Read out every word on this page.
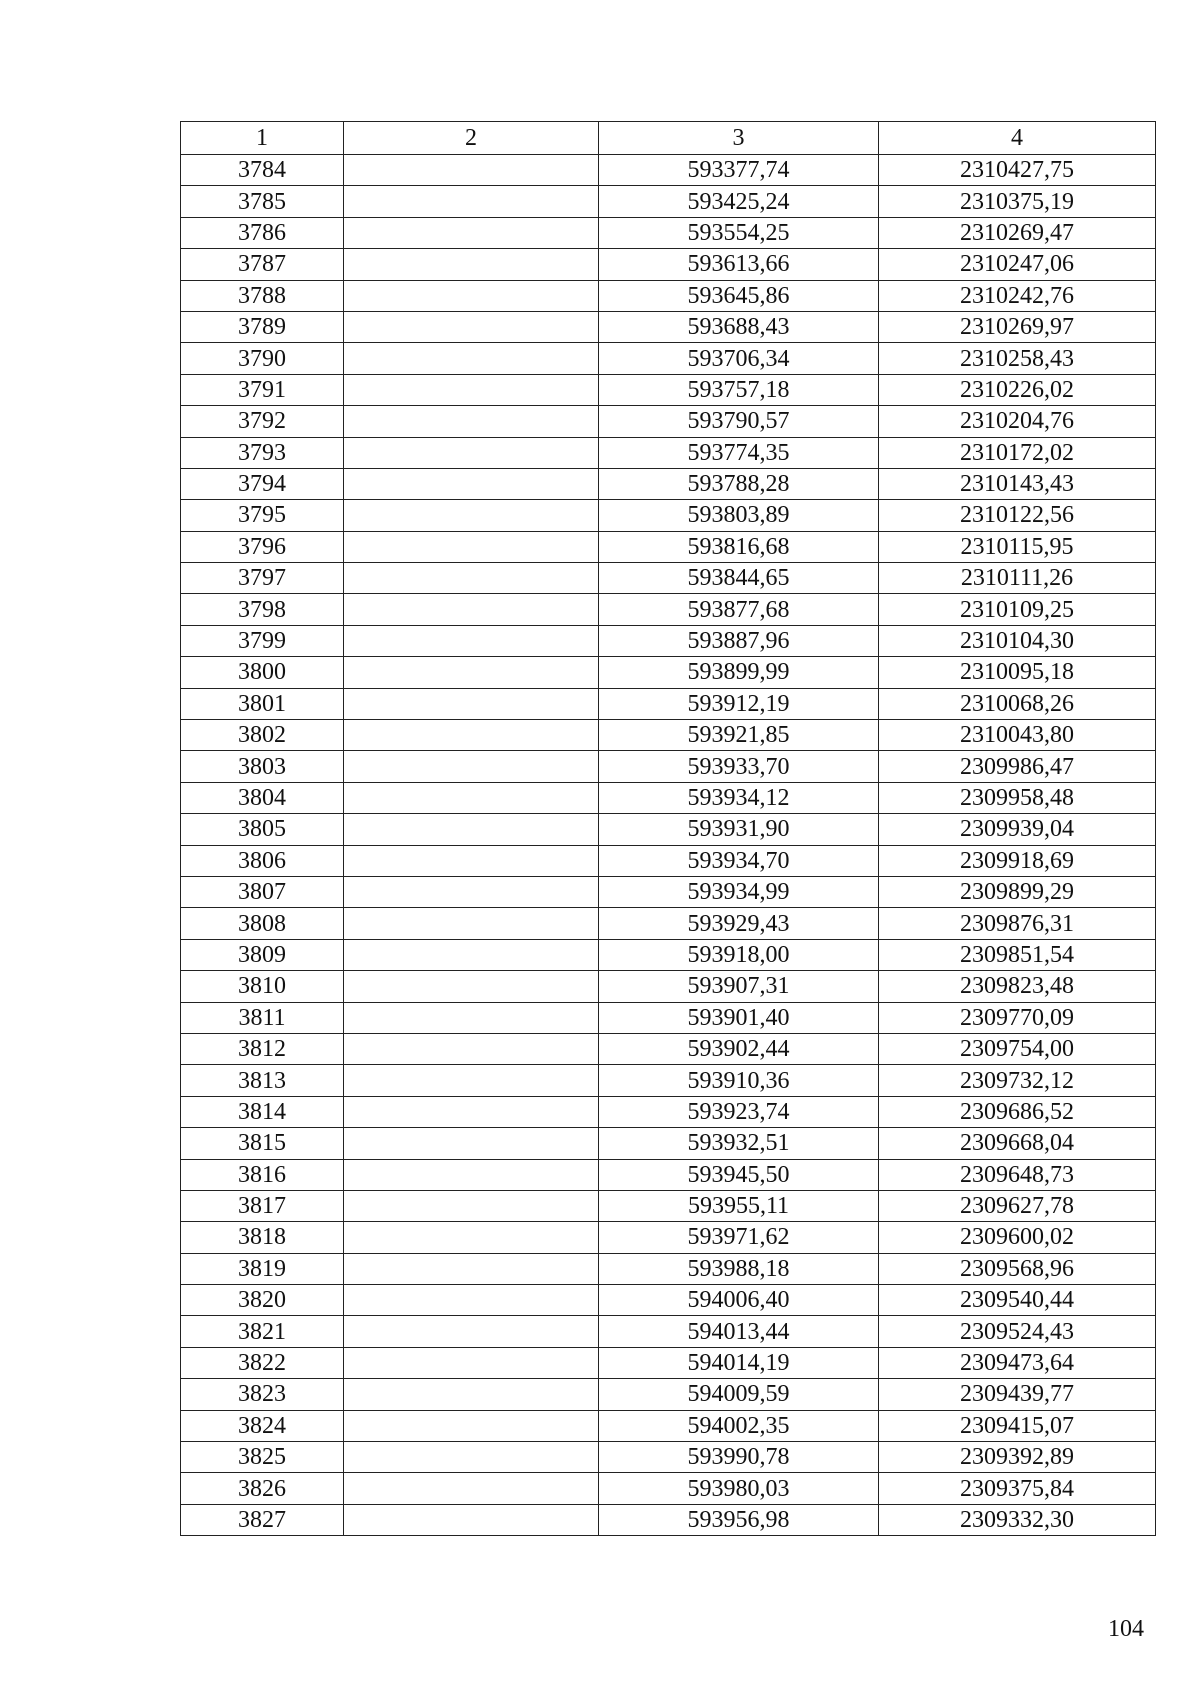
1	2	3	4
3784		593377,74	2310427,75
3785		593425,24	2310375,19
3786		593554,25	2310269,47
3787		593613,66	2310247,06
3788		593645,86	2310242,76
3789		593688,43	2310269,97
3790		593706,34	2310258,43
3791		593757,18	2310226,02
3792		593790,57	2310204,76
3793		593774,35	2310172,02
3794		593788,28	2310143,43
3795		593803,89	2310122,56
3796		593816,68	2310115,95
3797		593844,65	2310111,26
3798		593877,68	2310109,25
3799		593887,96	2310104,30
3800		593899,99	2310095,18
3801		593912,19	2310068,26
3802		593921,85	2310043,80
3803		593933,70	2309986,47
3804		593934,12	2309958,48
3805		593931,90	2309939,04
3806		593934,70	2309918,69
3807		593934,99	2309899,29
3808		593929,43	2309876,31
3809		593918,00	2309851,54
3810		593907,31	2309823,48
3811		593901,40	2309770,09
3812		593902,44	2309754,00
3813		593910,36	2309732,12
3814		593923,74	2309686,52
3815		593932,51	2309668,04
3816		593945,50	2309648,73
3817		593955,11	2309627,78
3818		593971,62	2309600,02
3819		593988,18	2309568,96
3820		594006,40	2309540,44
3821		594013,44	2309524,43
3822		594014,19	2309473,64
3823		594009,59	2309439,77
3824		594002,35	2309415,07
3825		593990,78	2309392,89
3826		593980,03	2309375,84
3827		593956,98	2309332,30
104
